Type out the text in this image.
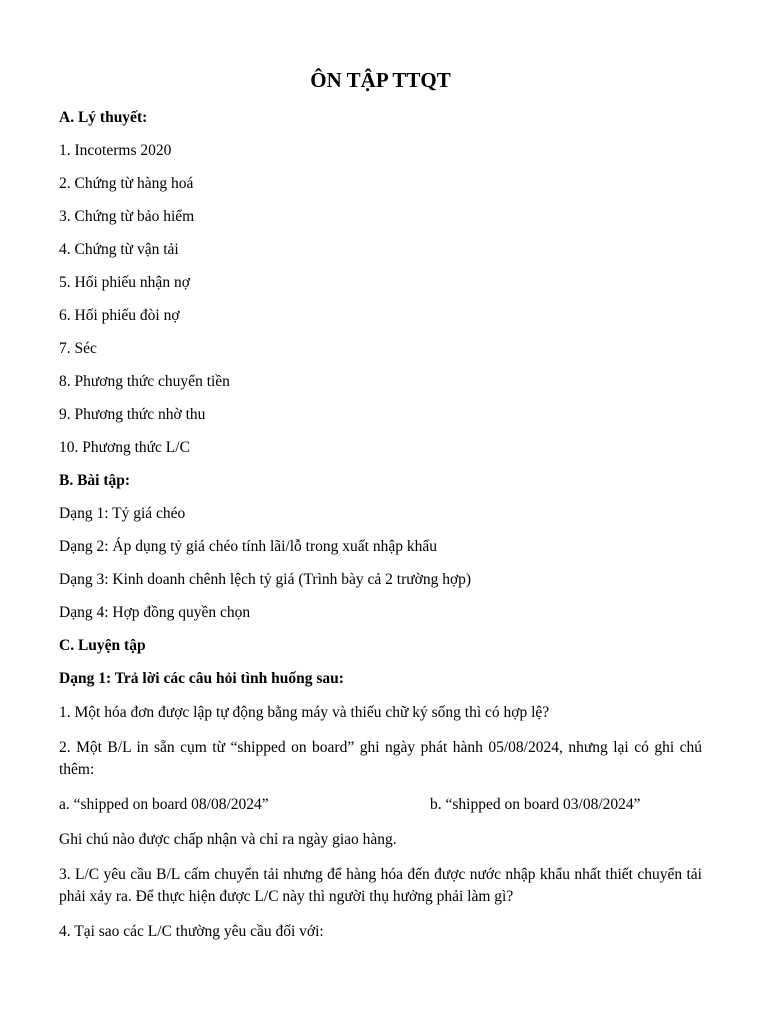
ÔN TẬP TTQT
A. Lý thuyết:
1. Incoterms 2020
2. Chứng từ hàng hoá
3. Chứng từ bảo hiểm
4. Chứng từ vận tải
5. Hối phiếu nhận nợ
6. Hối phiếu đòi nợ
7. Séc
8. Phương thức chuyển tiền
9. Phương thức nhờ thu
10. Phương thức L/C
B. Bài tập:
Dạng 1: Tỷ giá chéo
Dạng 2: Áp dụng tỷ giá chéo tính lãi/lỗ trong xuất nhập khẩu
Dạng 3: Kinh doanh chênh lệch tỷ giá (Trình bày cả 2 trường hợp)
Dạng 4: Hợp đồng quyền chọn
C. Luyện tập
Dạng 1: Trả lời các câu hỏi tình huống sau:
1. Một hóa đơn được lập tự động bằng máy và thiếu chữ ký sống thì có hợp lệ?
2. Một B/L in sẵn cụm từ “shipped on board” ghi ngày phát hành 05/08/2024, nhưng lại có ghi chú thêm:
a. “shipped on board 08/08/2024”	b. “shipped on board 03/08/2024”
Ghi chú nào được chấp nhận và chỉ ra ngày giao hàng.
3. L/C yêu cầu B/L cấm chuyển tải nhưng để hàng hóa đến được nước nhập khẩu nhất thiết chuyển tải phải xảy ra. Để thực hiện được L/C này thì người thụ hưởng phải làm gì?
4. Tại sao các L/C thường yêu cầu đối với:
